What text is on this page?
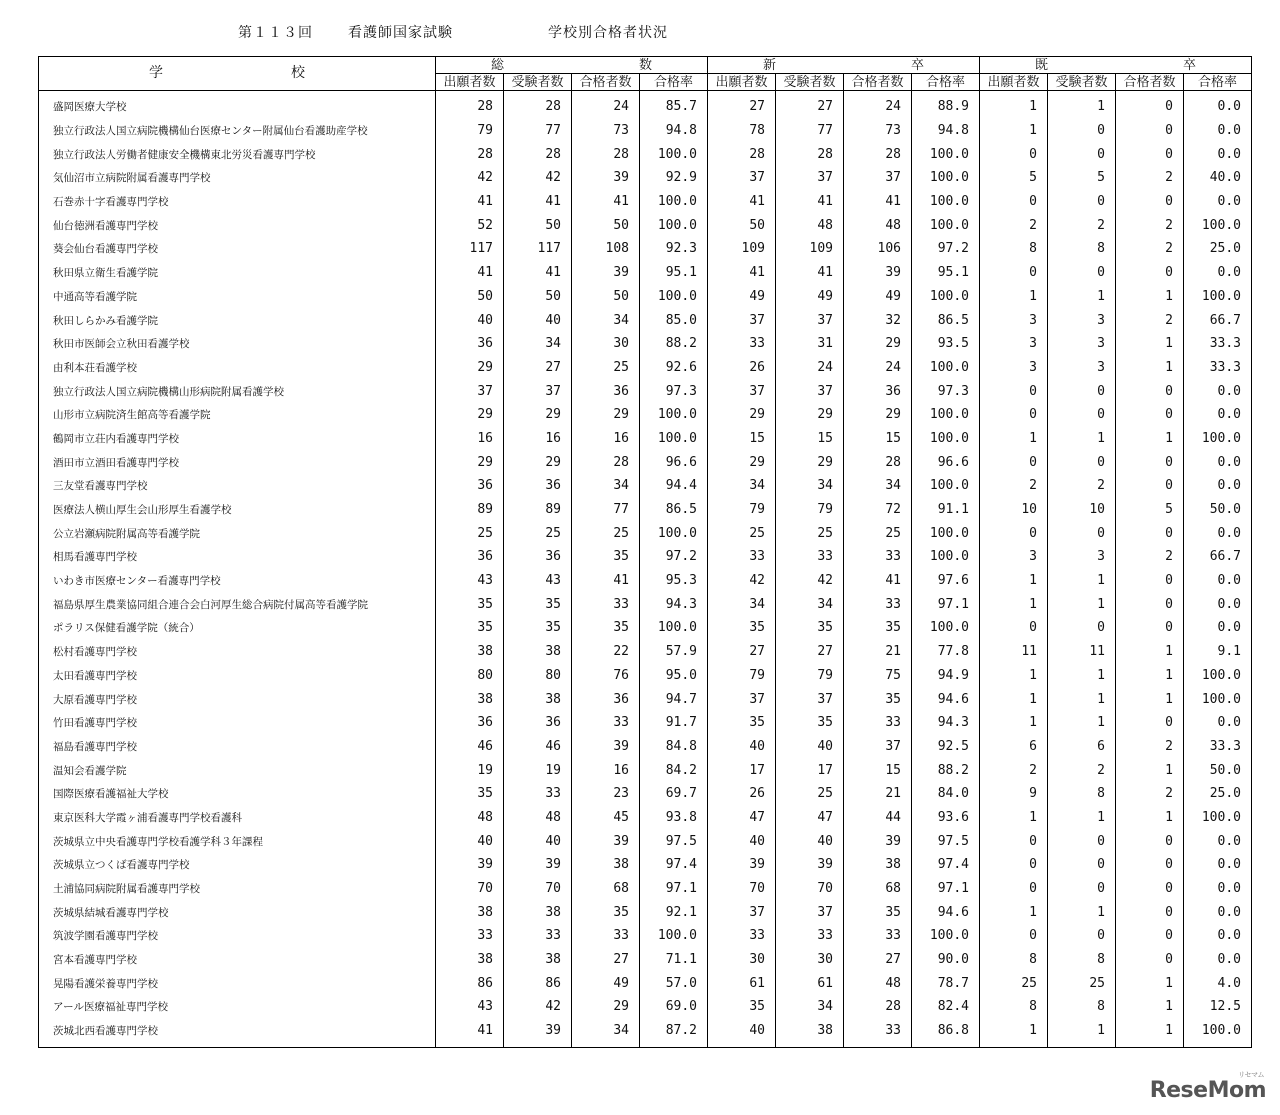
第１１３回	看護師国家試験	学校別合格者状況
学 校	総 数				新 卒				既 卒			

	出願者数	受験者数	合格者数	合格率	出願者数	受験者数	合格者数	合格率	出願者数	受験者数	合格者数	合格率
盛岡医療大学校	28	28	24	85.7	27	27	24	88.9	1	1	0	0.0
独立行政法人国立病院機構仙台医療センター附属仙台看護助産学校	79	77	73	94.8	78	77	73	94.8	1	0	0	0.0
独立行政法人労働者健康安全機構東北労災看護専門学校	28	28	28	100.0	28	28	28	100.0	0	0	0	0.0
気仙沼市立病院附属看護専門学校	42	42	39	92.9	37	37	37	100.0	5	5	2	40.0
石巻赤十字看護専門学校	41	41	41	100.0	41	41	41	100.0	0	0	0	0.0
仙台徳洲看護専門学校	52	50	50	100.0	50	48	48	100.0	2	2	2	100.0
葵会仙台看護専門学校	117	117	108	92.3	109	109	106	97.2	8	8	2	25.0
秋田県立衛生看護学院	41	41	39	95.1	41	41	39	95.1	0	0	0	0.0
中通高等看護学院	50	50	50	100.0	49	49	49	100.0	1	1	1	100.0
秋田しらかみ看護学院	40	40	34	85.0	37	37	32	86.5	3	3	2	66.7
秋田市医師会立秋田看護学校	36	34	30	88.2	33	31	29	93.5	3	3	1	33.3
由利本荘看護学校	29	27	25	92.6	26	24	24	100.0	3	3	1	33.3
独立行政法人国立病院機構山形病院附属看護学校	37	37	36	97.3	37	37	36	97.3	0	0	0	0.0
山形市立病院済生館高等看護学院	29	29	29	100.0	29	29	29	100.0	0	0	0	0.0
鶴岡市立荘内看護専門学校	16	16	16	100.0	15	15	15	100.0	1	1	1	100.0
酒田市立酒田看護専門学校	29	29	28	96.6	29	29	28	96.6	0	0	0	0.0
三友堂看護専門学校	36	36	34	94.4	34	34	34	100.0	2	2	0	0.0
医療法人横山厚生会山形厚生看護学校	89	89	77	86.5	79	79	72	91.1	10	10	5	50.0
公立岩瀬病院附属高等看護学院	25	25	25	100.0	25	25	25	100.0	0	0	0	0.0
相馬看護専門学校	36	36	35	97.2	33	33	33	100.0	3	3	2	66.7
いわき市医療センター看護専門学校	43	43	41	95.3	42	42	41	97.6	1	1	0	0.0
福島県厚生農業協同組合連合会白河厚生総合病院付属高等看護学院	35	35	33	94.3	34	34	33	97.1	1	1	0	0.0
ポラリス保健看護学院（統合）	35	35	35	100.0	35	35	35	100.0	0	0	0	0.0
松村看護専門学校	38	38	22	57.9	27	27	21	77.8	11	11	1	9.1
太田看護専門学校	80	80	76	95.0	79	79	75	94.9	1	1	1	100.0
大原看護専門学校	38	38	36	94.7	37	37	35	94.6	1	1	1	100.0
竹田看護専門学校	36	36	33	91.7	35	35	33	94.3	1	1	0	0.0
福島看護専門学校	46	46	39	84.8	40	40	37	92.5	6	6	2	33.3
温知会看護学院	19	19	16	84.2	17	17	15	88.2	2	2	1	50.0
国際医療看護福祉大学校	35	33	23	69.7	26	25	21	84.0	9	8	2	25.0
東京医科大学霞ヶ浦看護専門学校看護科	48	48	45	93.8	47	47	44	93.6	1	1	1	100.0
茨城県立中央看護専門学校看護学科３年課程	40	40	39	97.5	40	40	39	97.5	0	0	0	0.0
茨城県立つくば看護専門学校	39	39	38	97.4	39	39	38	97.4	0	0	0	0.0
土浦協同病院附属看護専門学校	70	70	68	97.1	70	70	68	97.1	0	0	0	0.0
茨城県結城看護専門学校	38	38	35	92.1	37	37	35	94.6	1	1	0	0.0
筑波学園看護専門学校	33	33	33	100.0	33	33	33	100.0	0	0	0	0.0
宮本看護専門学校	38	38	27	71.1	30	30	27	90.0	8	8	0	0.0
晃陽看護栄養専門学校	86	86	49	57.0	61	61	48	78.7	25	25	1	4.0
アール医療福祉専門学校	43	42	29	69.0	35	34	28	82.4	8	8	1	12.5
茨城北西看護専門学校	41	39	34	87.2	40	38	33	86.8	1	1	1	100.0
ReseMom
リセマム
